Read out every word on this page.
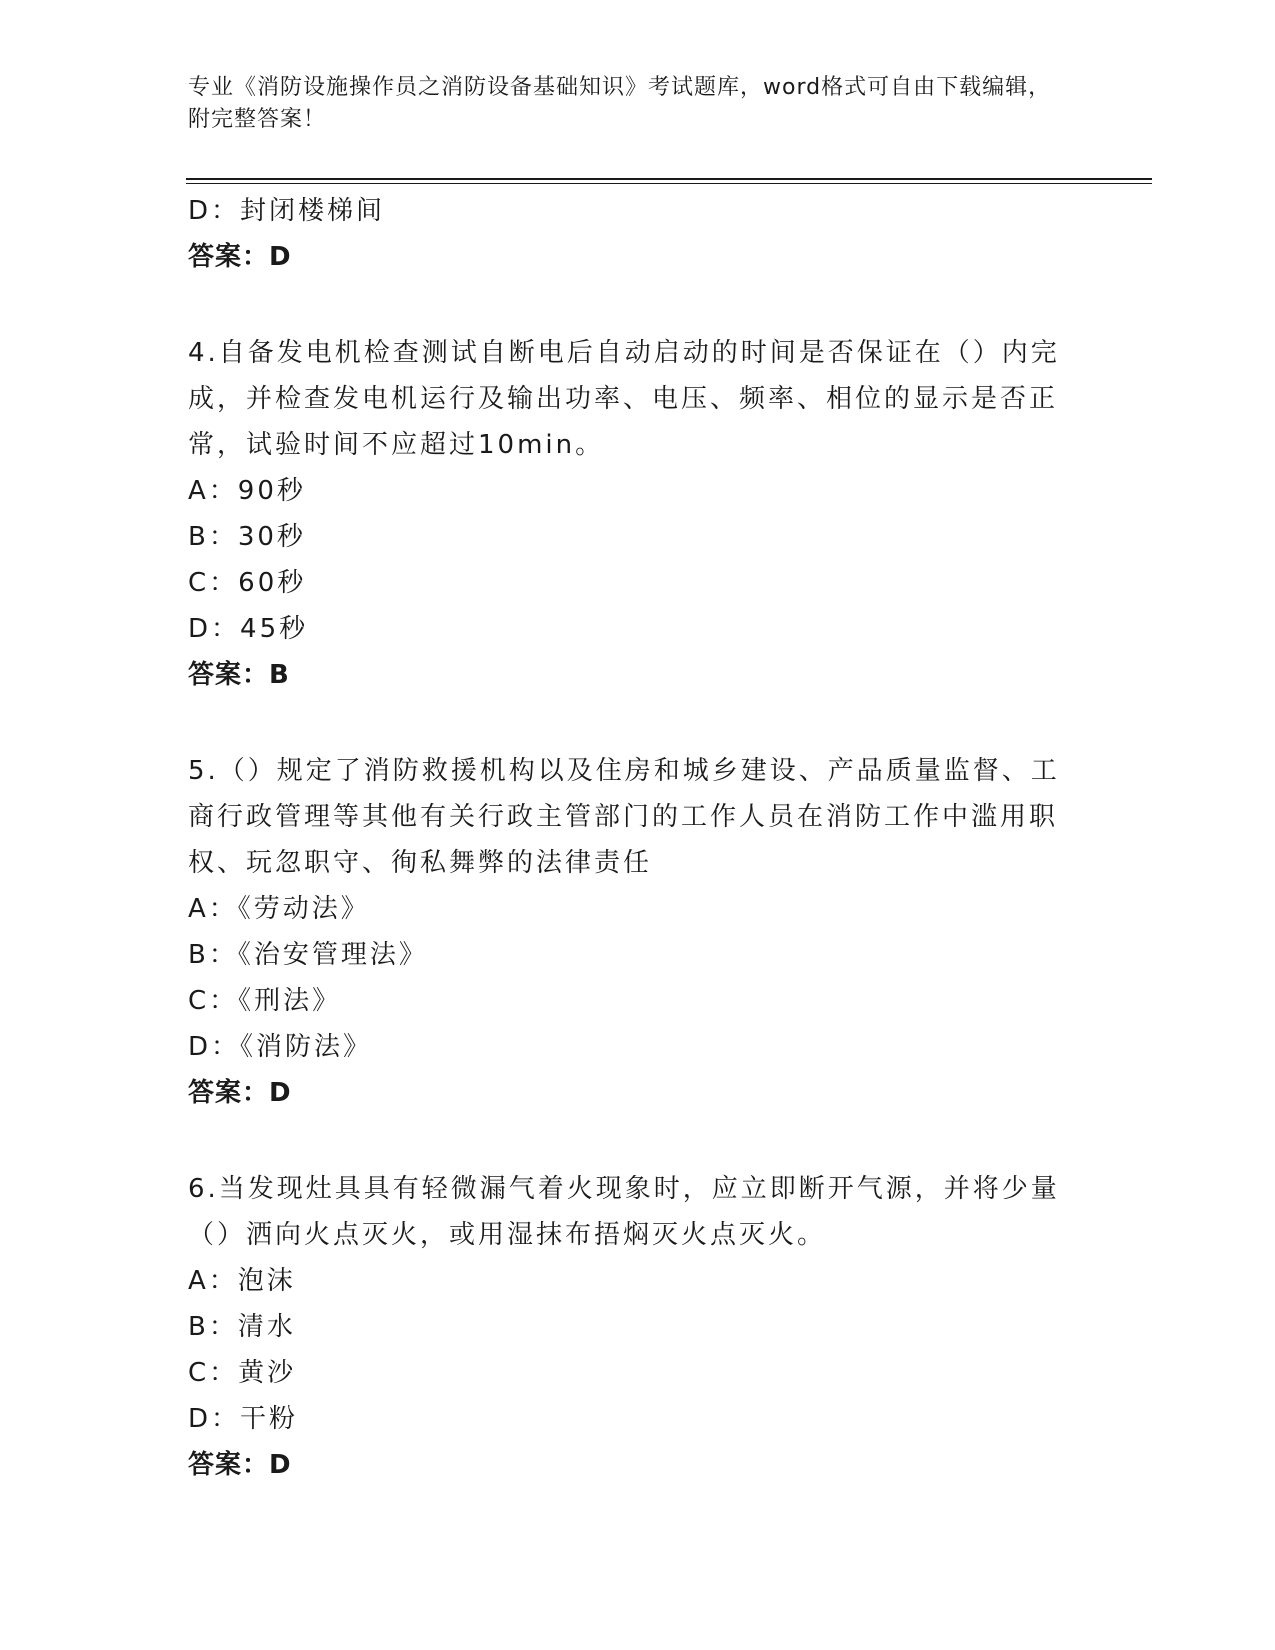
专业《消防设施操作员之消防设备基础知识》考试题库，word格式可自由下载编辑，附完整答案！
D：封闭楼梯间
答案：D
4.自备发电机检查测试自断电后自动启动的时间是否保证在（）内完成，并检查发电机运行及输出功率、电压、频率、相位的显示是否正常，试验时间不应超过10min。
A：90秒
B：30秒
C：60秒
D：45秒
答案：B
5.（）规定了消防救援机构以及住房和城乡建设、产品质量监督、工商行政管理等其他有关行政主管部门的工作人员在消防工作中滥用职权、玩忽职守、徇私舞弊的法律责任
A：《劳动法》
B：《治安管理法》
C：《刑法》
D：《消防法》
答案：D
6.当发现灶具具有轻微漏气着火现象时，应立即断开气源，并将少量（）洒向火点灭火，或用湿抹布捂焖灭火点灭火。
A：泡沫
B：清水
C：黄沙
D：干粉
答案：D
